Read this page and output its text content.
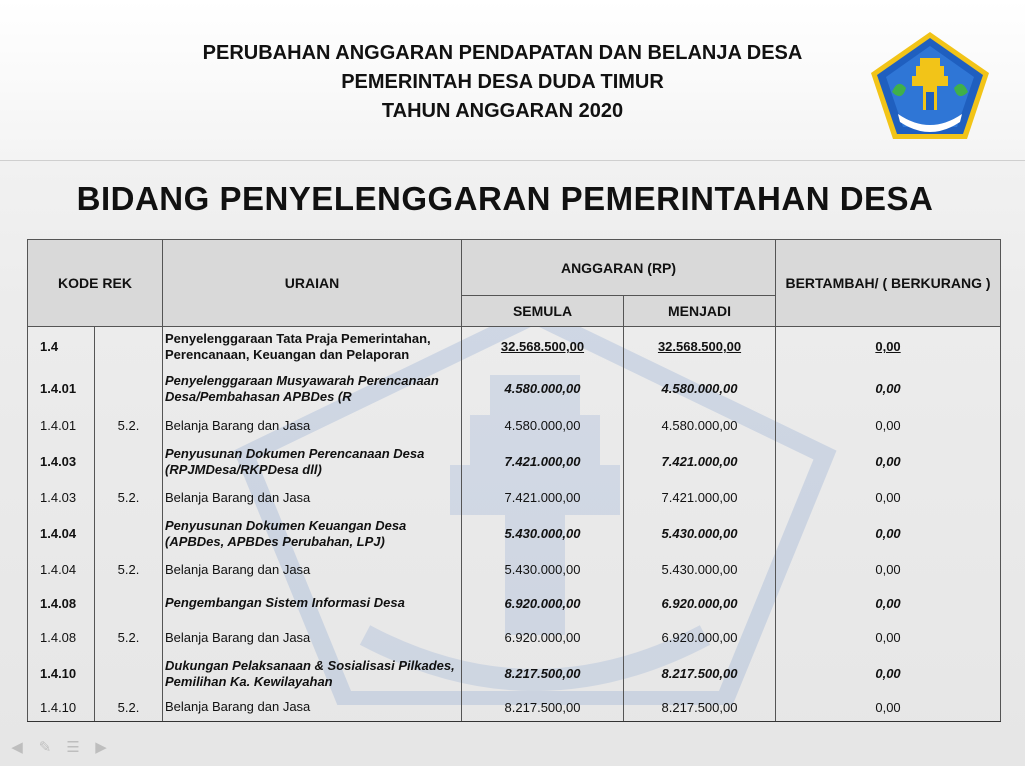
PERUBAHAN ANGGARAN PENDAPATAN DAN BELANJA DESA
PEMERINTAH DESA DUDA TIMUR
TAHUN ANGGARAN 2020
BIDANG PENYELENGGARAN PEMERINTAHAN DESA
KODE REK		URAIAN	ANGGARAN (RP)		BERTAMBAH/ ( BERKURANG )
			SEMULA	MENJADI	
1.4		Penyelenggaraan Tata Praja Pemerintahan, Perencanaan, Keuangan dan Pelaporan	32.568.500,00	32.568.500,00	0,00
1.4.01		Penyelenggaraan Musyawarah Perencanaan Desa/Pembahasan APBDes (R	4.580.000,00	4.580.000,00	0,00
1.4.01	5.2.	Belanja Barang dan Jasa	4.580.000,00	4.580.000,00	0,00
1.4.03		Penyusunan Dokumen Perencanaan Desa (RPJMDesa/RKPDesa dll)	7.421.000,00	7.421.000,00	0,00
1.4.03	5.2.	Belanja Barang dan Jasa	7.421.000,00	7.421.000,00	0,00
1.4.04		Penyusunan Dokumen Keuangan Desa (APBDes, APBDes Perubahan, LPJ)	5.430.000,00	5.430.000,00	0,00
1.4.04	5.2.	Belanja Barang dan Jasa	5.430.000,00	5.430.000,00	0,00
1.4.08		Pengembangan Sistem Informasi Desa	6.920.000,00	6.920.000,00	0,00
1.4.08	5.2.	Belanja Barang dan Jasa	6.920.000,00	6.920.000,00	0,00
1.4.10		Dukungan Pelaksanaan & Sosialisasi Pilkades, Pemilihan Ka. Kewilayahan	8.217.500,00	8.217.500,00	0,00
1.4.10	5.2.	Belanja Barang dan Jasa	8.217.500,00	8.217.500,00	0,00
◀ ✎ ☰ ▶
